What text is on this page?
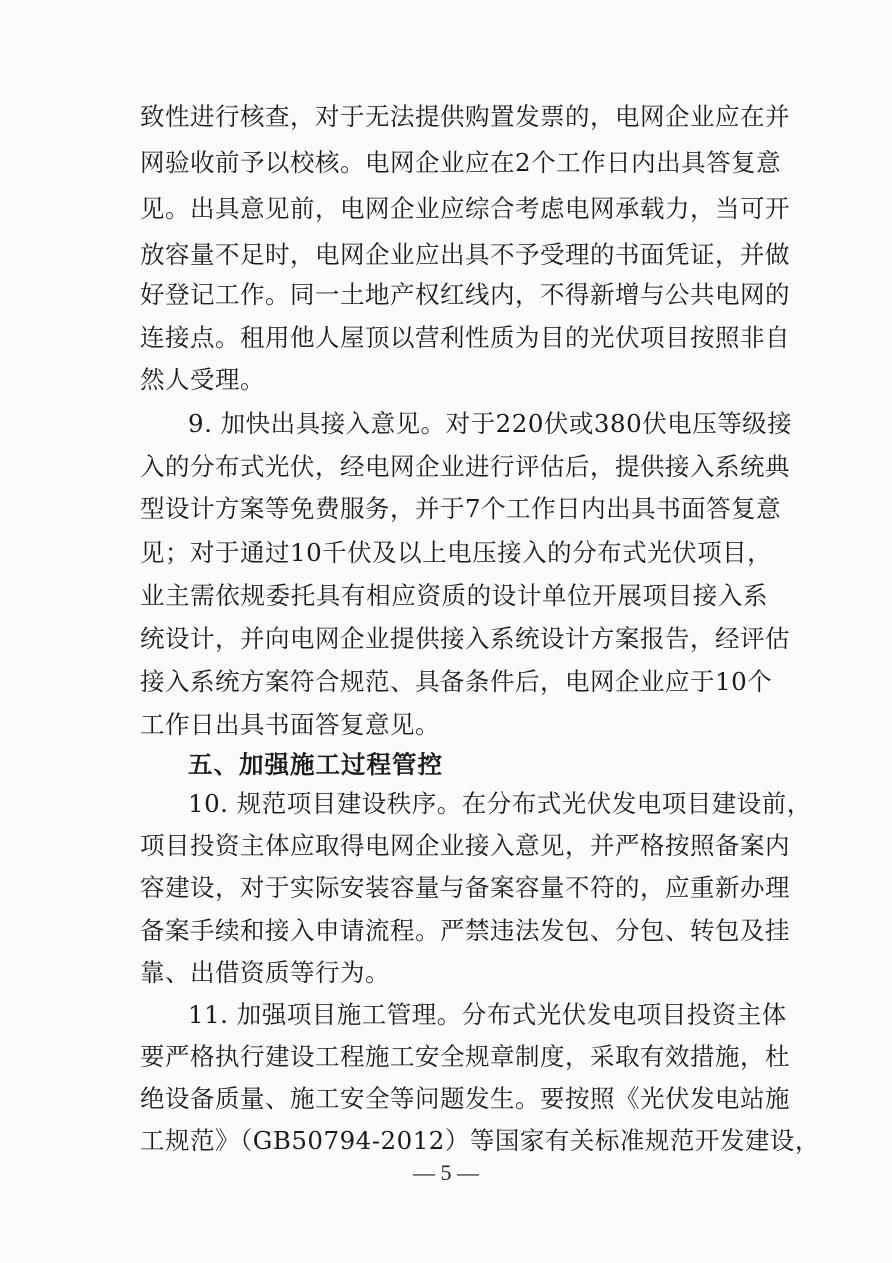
致性进行核查，对于无法提供购置发票的，电网企业应在并
网验收前予以校核。电网企业应在2个工作日内出具答复意
见。出具意见前，电网企业应综合考虑电网承载力，当可开
放容量不足时，电网企业应出具不予受理的书面凭证，并做
好登记工作。同一土地产权红线内，不得新增与公共电网的
连接点。租用他人屋顶以营利性质为目的光伏项目按照非自
然人受理。
9. 加快出具接入意见。对于220伏或380伏电压等级接
入的分布式光伏，经电网企业进行评估后，提供接入系统典
型设计方案等免费服务，并于7个工作日内出具书面答复意
见；对于通过10千伏及以上电压接入的分布式光伏项目，
业主需依规委托具有相应资质的设计单位开展项目接入系
统设计，并向电网企业提供接入系统设计方案报告，经评估
接入系统方案符合规范、具备条件后，电网企业应于10个
工作日出具书面答复意见。
五、加强施工过程管控
10. 规范项目建设秩序。在分布式光伏发电项目建设前，
项目投资主体应取得电网企业接入意见，并严格按照备案内
容建设，对于实际安装容量与备案容量不符的，应重新办理
备案手续和接入申请流程。严禁违法发包、分包、转包及挂
靠、出借资质等行为。
11. 加强项目施工管理。分布式光伏发电项目投资主体
要严格执行建设工程施工安全规章制度，采取有效措施，杜
绝设备质量、施工安全等问题发生。要按照《光伏发电站施
工规范》（GB50794-2012）等国家有关标准规范开发建设，
— 5 —
